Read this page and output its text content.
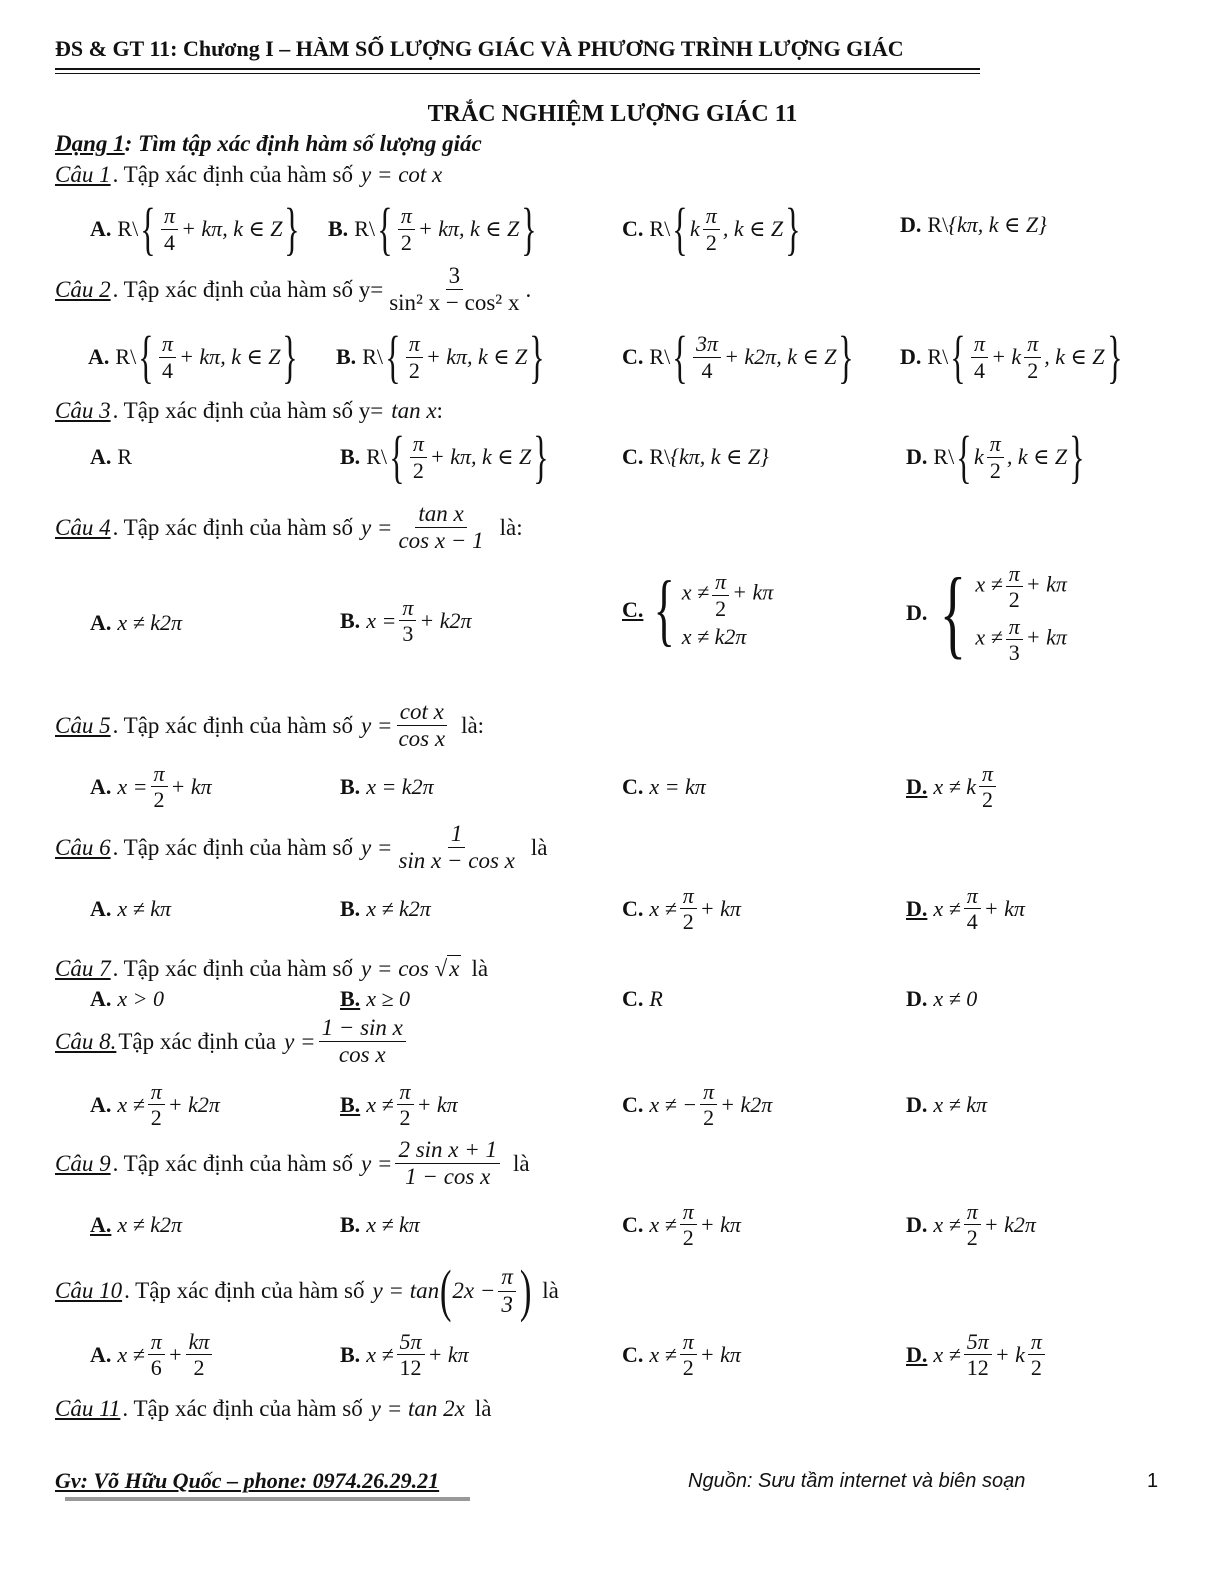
ĐS & GT 11: Chương I – HÀM SỐ LƯỢNG GIÁC VÀ PHƯƠNG TRÌNH LƯỢNG GIÁC
TRẮC NGHIỆM LƯỢNG GIÁC 11
Dạng 1: Tìm tập xác định hàm số lượng giác
Câu 1 . Tập xác định của hàm số y = cot x
A. R\ { $\frac{\pi}{4} + k\pi$, k ∈ Z } B. R\ { $\frac{\pi}{2} + k\pi$, k ∈ Z }	C. R\ { k $\frac{\pi}{2}$ , k ∈ Z }	D. R\ {kπ, k ∈ Z}
Câu 2 . Tập xác định của hàm số $y= \frac{3}{\text{sin² x − cos² x}}$ .
A. R\ { $\frac{\pi}{4} + k\pi$, k ∈ Z } B. R\ { $\frac{\pi}{2} + k\pi$, k ∈ Z }	C. R\ { $\frac{3\pi}{4} + k2\pi$, k ∈ Z } D. R\ { $\frac{\pi}{4} + k \frac{\pi}{2}$ , k ∈ Z }
Câu 3 . Tập xác định của hàm số y= tan x :
A. R	B. R\ { $\frac{\pi}{2} + k\pi$, k ∈ Z }	C. R\ {kπ, k ∈ Z}	D. R\ { k $\frac{\pi}{2}$ , k ∈ Z }
Câu 4 . Tập xác định của hàm số $y = \frac{\text{tan x}}{\text{cos x − 1}}$ là:
A. x ≠ k2π	B. $x = \frac{\pi}{3} + k2\pi$	C. { $x \ne \frac{\pi}{2} + k\pi$
x ≠ k2π
D. { $x \ne \frac{\pi}{2} + k\pi$
$x \ne \frac{\pi}{3} + k\pi$
Câu 5 . Tập xác định của hàm số $y = \frac{\text{cot x}}{\text{cos x}}$ là:
A. $x = \frac{\pi}{2} + k\pi$	B. x = k2π	C. x = kπ	D. x ≠ k $\frac{\pi}{2}$
Câu 6 . Tập xác định của hàm số $y = \frac{1}{\text{sin x − cos x}}$ là
A. x ≠ kπ	B. x ≠ k2π	C. $x \ne \frac{\pi}{2} + k\pi$	D. $x \ne \frac{\pi}{4} + k\pi$
Câu 7 . Tập xác định của hàm số y = cos √ x là
A. x > 0	B. x ≥ 0	C. R	D. x ≠ 0
Câu 8. Tập xác định của $y = \frac{\text{1 − sin x}}{\text{cos x}}$
A. $x \ne \frac{\pi}{2} + k2\pi$	B. $x \ne \frac{\pi}{2} + k\pi$	C. x ≠ − $\frac{\pi}{2} + k2\pi$	D. x ≠ kπ
Câu 9 . Tập xác định của hàm số $y = \frac{\text{2 sin x + 1}}{\text{1 − cos x}}$ là
A. x ≠ k2π	B. x ≠ kπ	C. $x \ne \frac{\pi}{2} + k\pi$	D. $x \ne \frac{\pi}{2} + k2\pi$
Câu 10 . Tập xác định của hàm số y = tan ( $2x - \frac{\pi}{3}$ ) là
A. $x \ne \frac{\pi}{6} + \frac{k\pi}{2}$	B. $x \ne \frac{5\pi}{12} + k\pi$	C. $x \ne \frac{\pi}{2} + k\pi$	D. $x \ne \frac{5\pi}{12} + k \frac{\pi}{2}$
Câu 11 . Tập xác định của hàm số y = tan 2x là
Gv: Võ Hữu Quốc – phone: 0974.26.29.21	Nguồn: Sưu tầm internet và biên soạn	1
